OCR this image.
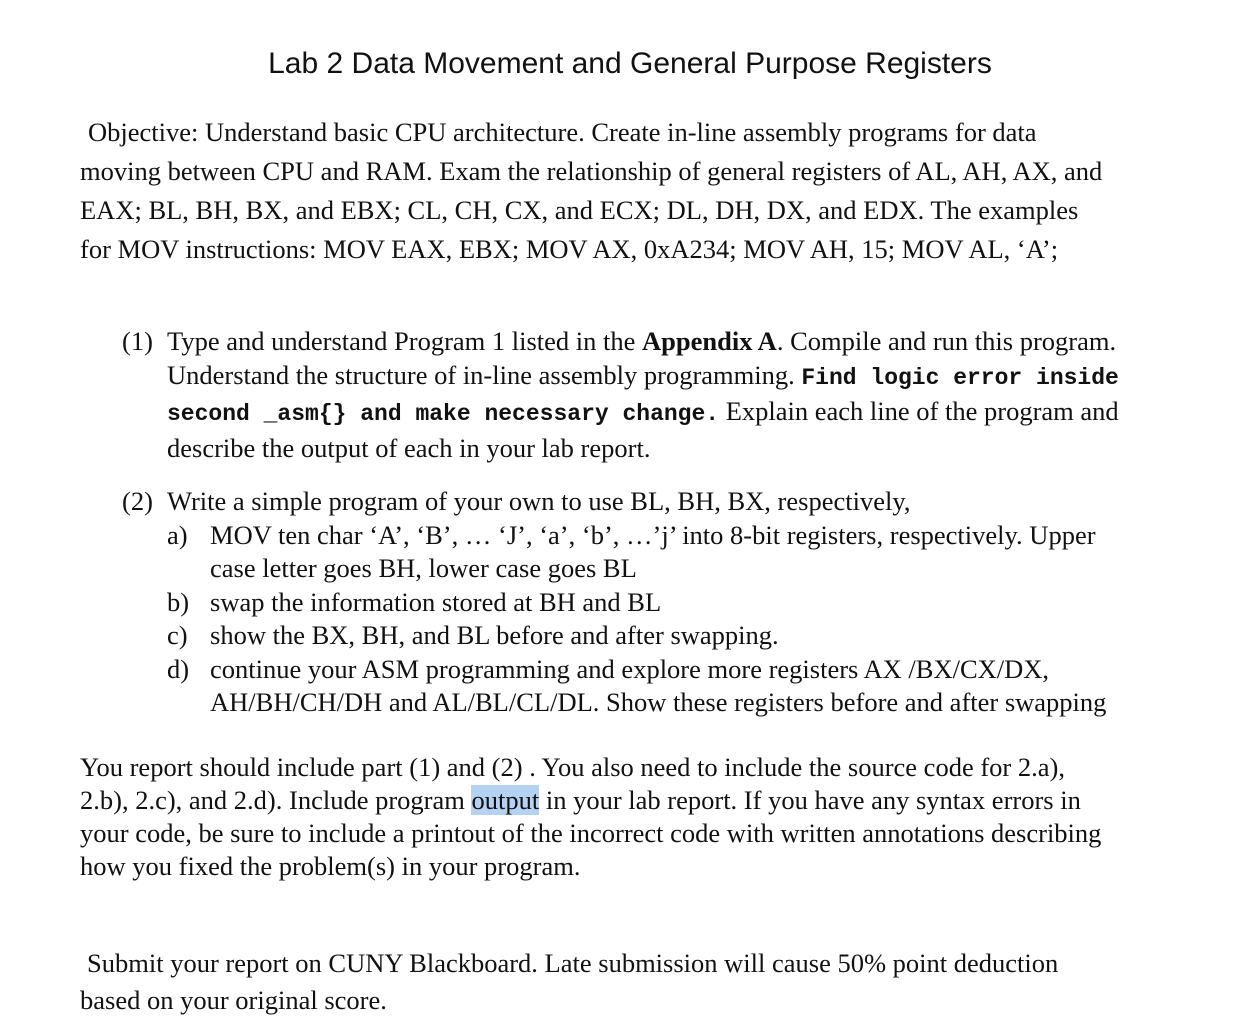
Lab 2 Data Movement and General Purpose Registers
Objective: Understand basic CPU architecture. Create in-line assembly programs for data
moving between CPU and RAM. Exam the relationship of general registers of AL, AH, AX, and
EAX; BL, BH, BX, and EBX; CL, CH, CX, and ECX; DL, DH, DX, and EDX. The examples
for MOV instructions: MOV EAX, EBX; MOV AX, 0xA234; MOV AH, 15; MOV AL, ‘A’;
(1) Type and understand Program 1 listed in the Appendix A. Compile and run this program.
Understand the structure of in-line assembly programming. Find logic error inside
second _asm{} and make necessary change. Explain each line of the program and
describe the output of each in your lab report.
(2) Write a simple program of your own to use BL, BH, BX, respectively,
a) MOV ten char ‘A’, ‘B’, … ‘J’, ‘a’, ‘b’, …’j’ into 8-bit registers, respectively. Upper
case letter goes BH, lower case goes BL
b) swap the information stored at BH and BL
c) show the BX, BH, and BL before and after swapping.
d) continue your ASM programming and explore more registers AX /BX/CX/DX,
AH/BH/CH/DH and AL/BL/CL/DL. Show these registers before and after swapping
You report should include part (1) and (2) . You also need to include the source code for 2.a),
2.b), 2.c), and 2.d). Include program output in your lab report. If you have any syntax errors in
your code, be sure to include a printout of the incorrect code with written annotations describing
how you fixed the problem(s) in your program.
Submit your report on CUNY Blackboard. Late submission will cause 50% point deduction
based on your original score.
